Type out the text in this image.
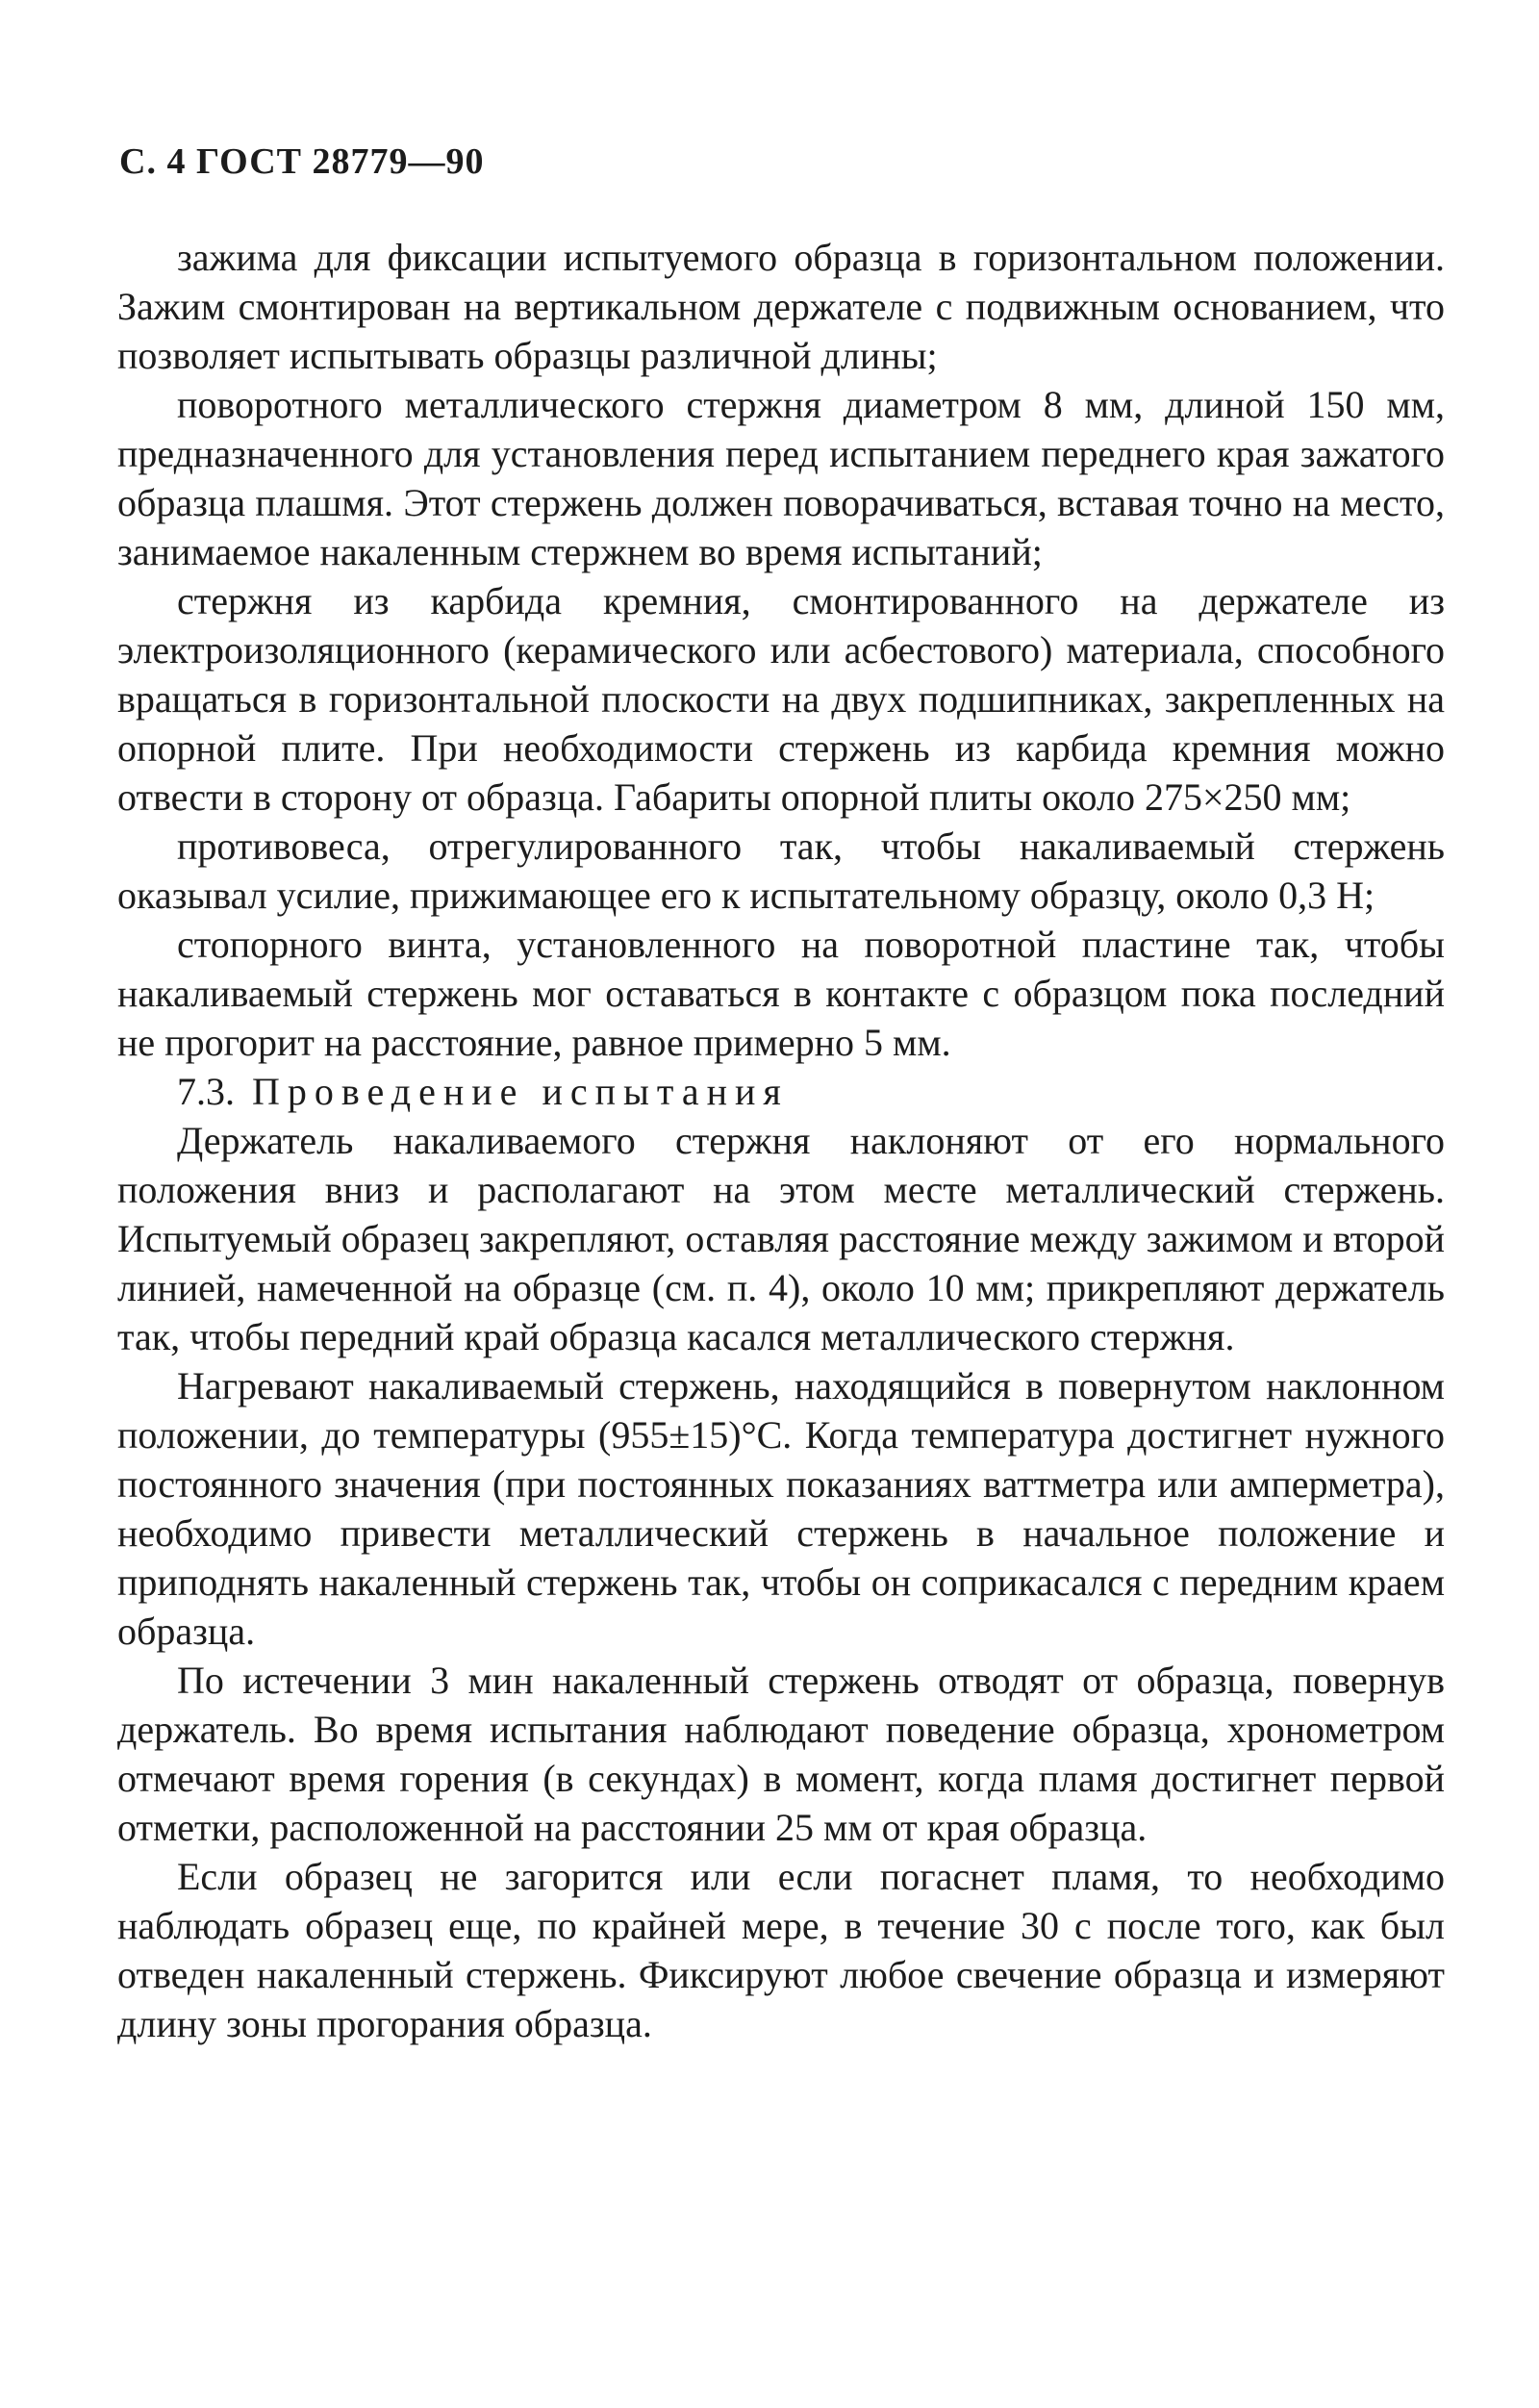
С. 4 ГОСТ 28779—90

зажима для фиксации испытуемого образца в горизонтальном положении. Зажим смонтирован на вертикальном держателе с подвижным основанием, что позволяет испытывать образцы различной длины;

поворотного металлического стержня диаметром 8 мм, длиной 150 мм, предназначенного для установления перед испытанием переднего края зажатого образца плашмя. Этот стержень должен поворачиваться, вставая точно на место, занимаемое накаленным стержнем во время испытаний;

стержня из карбида кремния, смонтированного на держателе из электроизоляционного (керамического или асбестового) материала, способного вращаться в горизонтальной плоскости на двух подшипниках, закрепленных на опорной плите. При необходимости стержень из карбида кремния можно отвести в сторону от образца. Габариты опорной плиты около 275×250 мм;

противовеса, отрегулированного так, чтобы накаливаемый стержень оказывал усилие, прижимающее его к испытательному образцу, около 0,3 Н;

стопорного винта, установленного на поворотной пластине так, чтобы накаливаемый стержень мог оставаться в контакте с образцом пока последний не прогорит на расстояние, равное примерно 5 мм.

7.3. Проведение испытания

Держатель накаливаемого стержня наклоняют от его нормального положения вниз и располагают на этом месте металлический стержень. Испытуемый образец закрепляют, оставляя расстояние между зажимом и второй линией, намеченной на образце (см. п. 4), около 10 мм; прикрепляют держатель так, чтобы передний край образца касался металлического стержня.

Нагревают накаливаемый стержень, находящийся в повернутом наклонном положении, до температуры (955±15)°С. Когда температура достигнет нужного постоянного значения (при постоянных показаниях ваттметра или амперметра), необходимо привести металлический стержень в начальное положение и приподнять накаленный стержень так, чтобы он соприкасался с передним краем образца.

По истечении 3 мин накаленный стержень отводят от образца, повернув держатель. Во время испытания наблюдают поведение образца, хронометром отмечают время горения (в секундах) в момент, когда пламя достигнет первой отметки, расположенной на расстоянии 25 мм от края образца.

Если образец не загорится или если погаснет пламя, то необходимо наблюдать образец еще, по крайней мере, в течение 30 с после того, как был отведен накаленный стержень. Фиксируют любое свечение образца и измеряют длину зоны прогорания образца.
